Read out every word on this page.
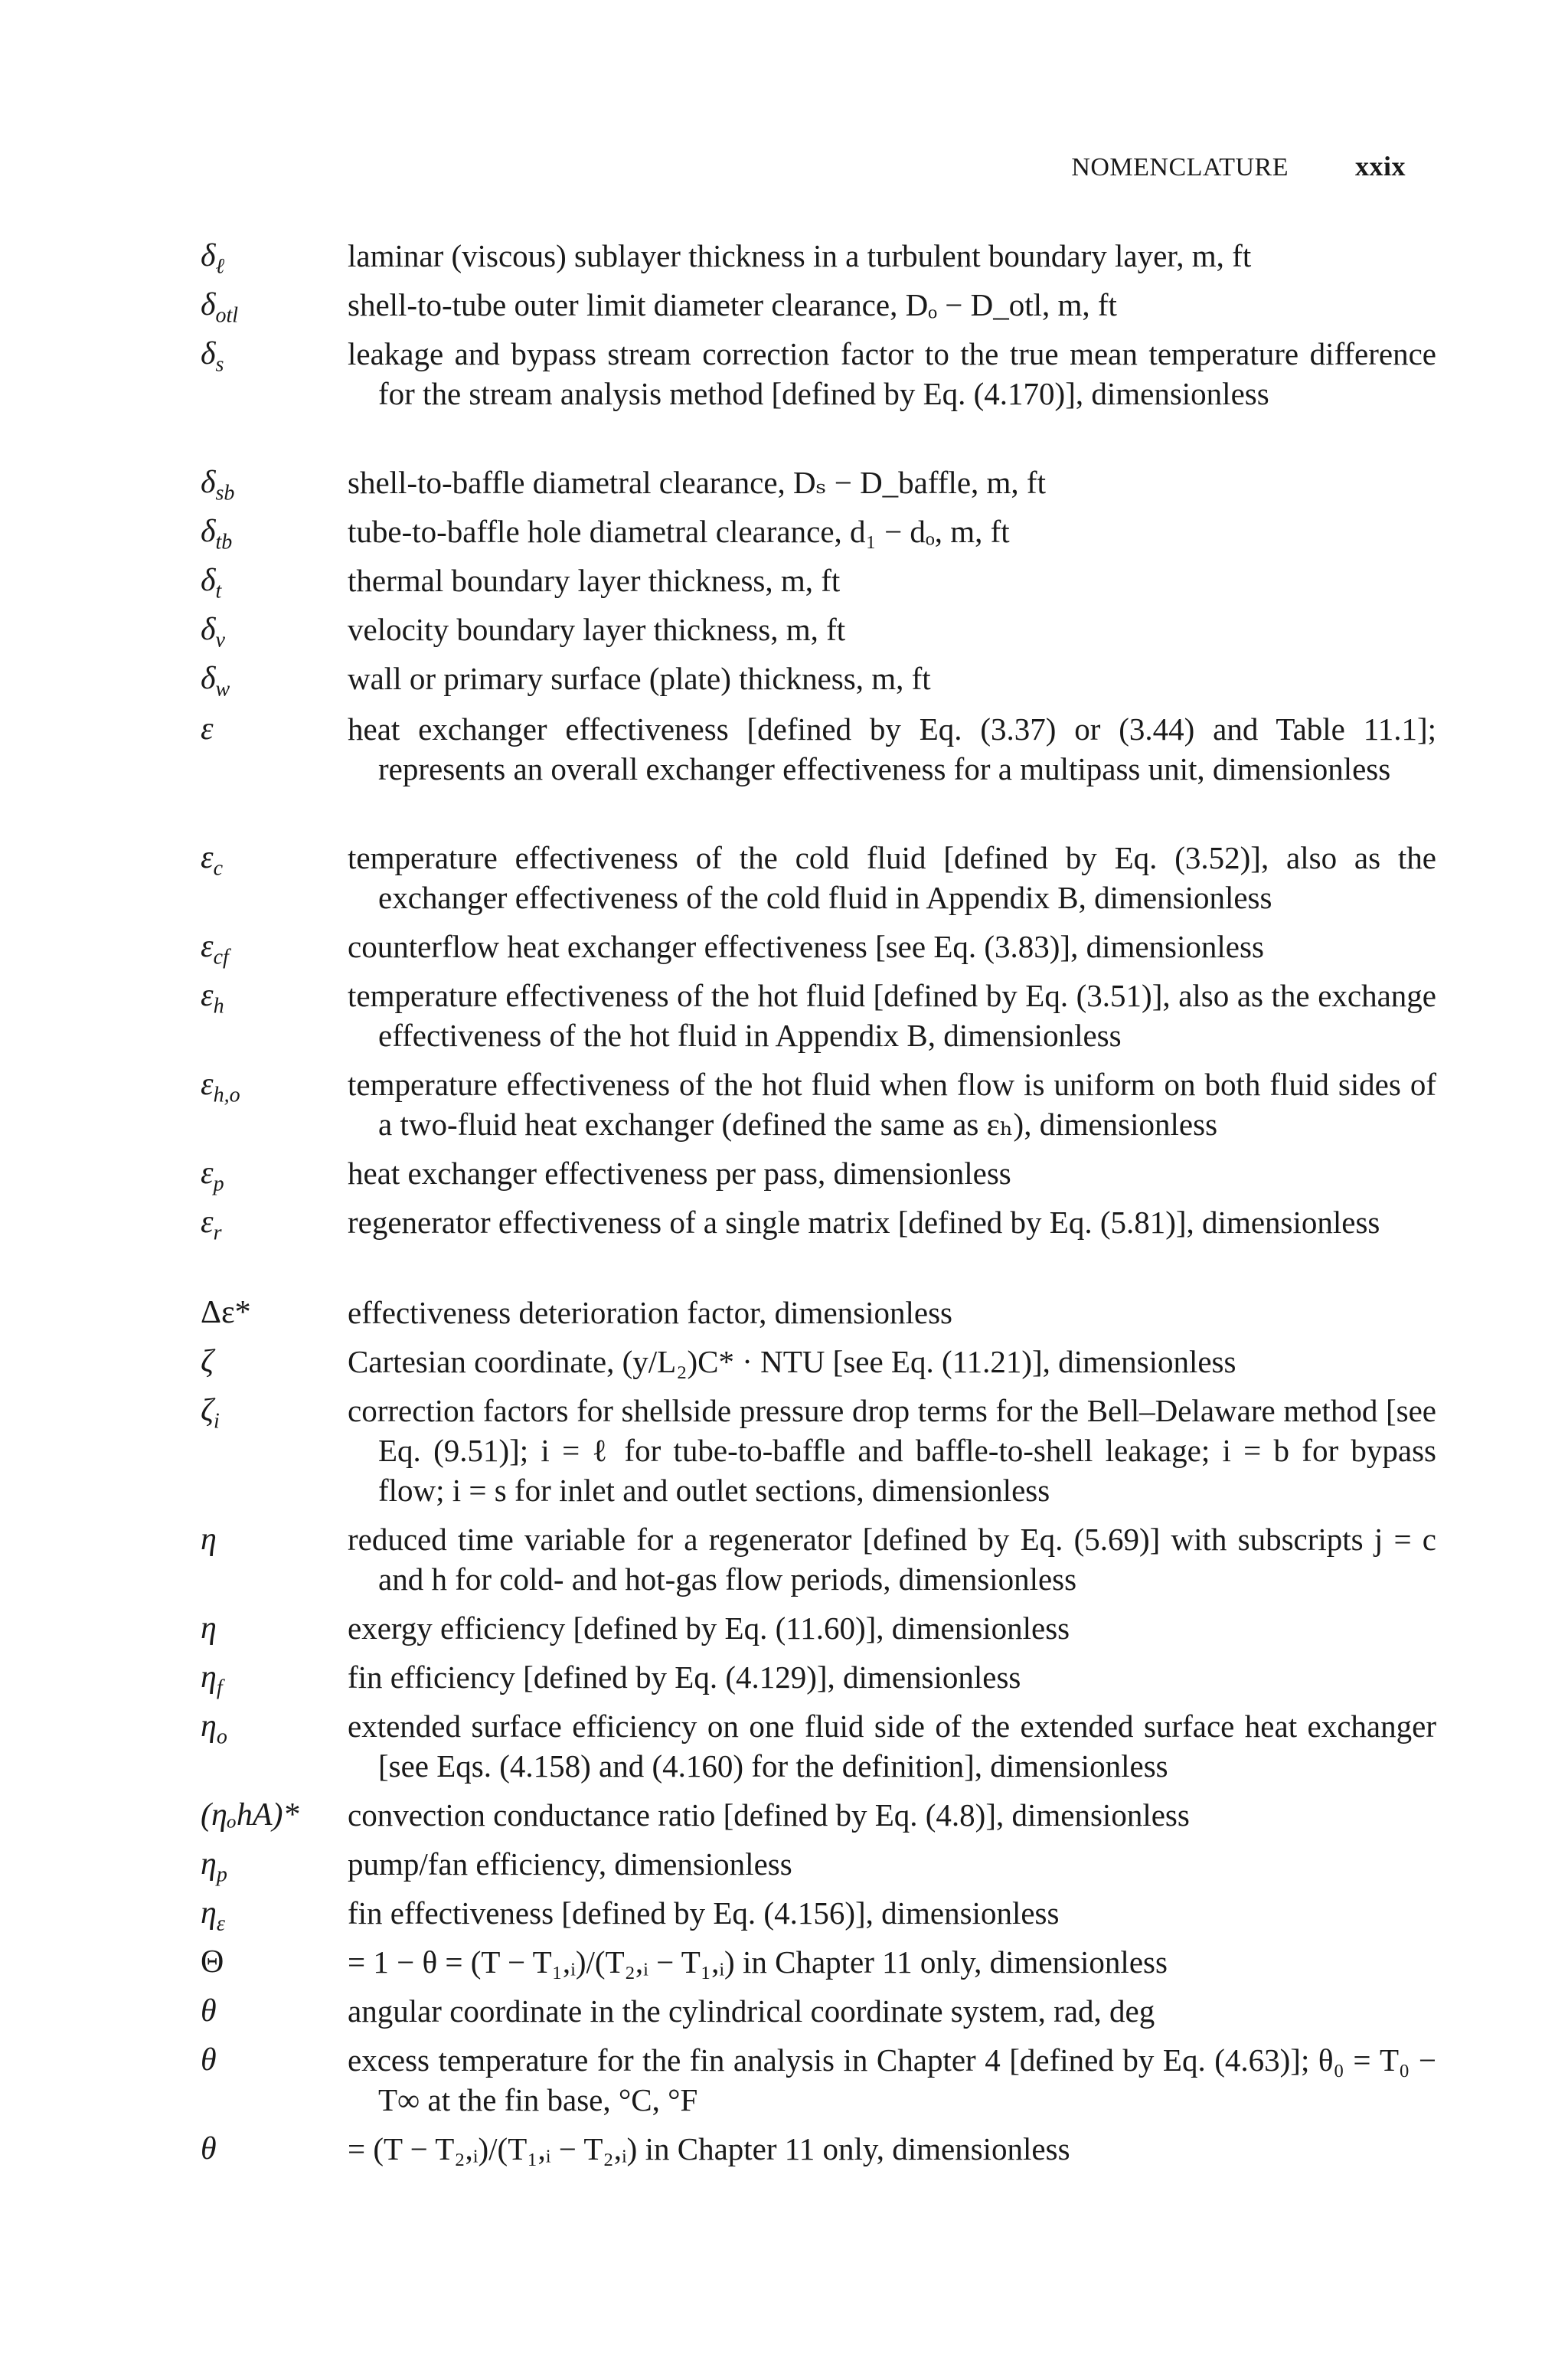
NOMENCLATURE xxix
$\delta_\ell$	laminar (viscous) sublayer thickness in a turbulent boundary layer, m, ft
$\delta_{otl}$	shell-to-tube outer limit diameter clearance, Dₒ − D_otl, m, ft
$\delta_s$	leakage and bypass stream correction factor to the true mean temperature difference for the stream analysis method [defined by Eq. (4.170)], dimensionless
$\delta_{sb}$	shell-to-baffle diametral clearance, Dₛ − D_baffle, m, ft
$\delta_{tb}$	tube-to-baffle hole diametral clearance, d₁ − dₒ, m, ft
$\delta_t$	thermal boundary layer thickness, m, ft
$\delta_v$	velocity boundary layer thickness, m, ft
$\delta_w$	wall or primary surface (plate) thickness, m, ft
ε	heat exchanger effectiveness [defined by Eq. (3.37) or (3.44) and Table 11.1]; represents an overall exchanger effectiveness for a multipass unit, dimensionless
$\varepsilon_c$	temperature effectiveness of the cold fluid [defined by Eq. (3.52)], also as the exchanger effectiveness of the cold fluid in Appendix B, dimensionless
$\varepsilon_{cf}$	counterflow heat exchanger effectiveness [see Eq. (3.83)], dimensionless
$\varepsilon_h$	temperature effectiveness of the hot fluid [defined by Eq. (3.51)], also as the exchange effectiveness of the hot fluid in Appendix B, dimensionless
$\varepsilon_{h,o}$	temperature effectiveness of the hot fluid when flow is uniform on both fluid sides of a two-fluid heat exchanger (defined the same as εₕ), dimensionless
$\varepsilon_p$	heat exchanger effectiveness per pass, dimensionless
$\varepsilon_r$	regenerator effectiveness of a single matrix [defined by Eq. (5.81)], dimensionless
Δε*	effectiveness deterioration factor, dimensionless
ζ	Cartesian coordinate, (y/L₂)C* · NTU [see Eq. (11.21)], dimensionless
$\zeta_i$	correction factors for shellside pressure drop terms for the Bell–Delaware method [see Eq. (9.51)]; i = ℓ for tube-to-baffle and baffle-to-shell leakage; i = b for bypass flow; i = s for inlet and outlet sections, dimensionless
η	reduced time variable for a regenerator [defined by Eq. (5.69)] with subscripts j = c and h for cold- and hot-gas flow periods, dimensionless
η	exergy efficiency [defined by Eq. (11.60)], dimensionless
$\eta_f$	fin efficiency [defined by Eq. (4.129)], dimensionless
$\eta_o$	extended surface efficiency on one fluid side of the extended surface heat exchanger [see Eqs. (4.158) and (4.160) for the definition], dimensionless
(ηₒhA)*	convection conductance ratio [defined by Eq. (4.8)], dimensionless
$\eta_p$	pump/fan efficiency, dimensionless
$\eta_\varepsilon$	fin effectiveness [defined by Eq. (4.156)], dimensionless
Θ	= 1 − θ = (T − T₁,ᵢ)/(T₂,ᵢ − T₁,ᵢ) in Chapter 11 only, dimensionless
θ	angular coordinate in the cylindrical coordinate system, rad, deg
θ	excess temperature for the fin analysis in Chapter 4 [defined by Eq. (4.63)]; θ₀ = T₀ − T∞ at the fin base, °C, °F
θ	= (T − T₂,ᵢ)/(T₁,ᵢ − T₂,ᵢ) in Chapter 11 only, dimensionless
